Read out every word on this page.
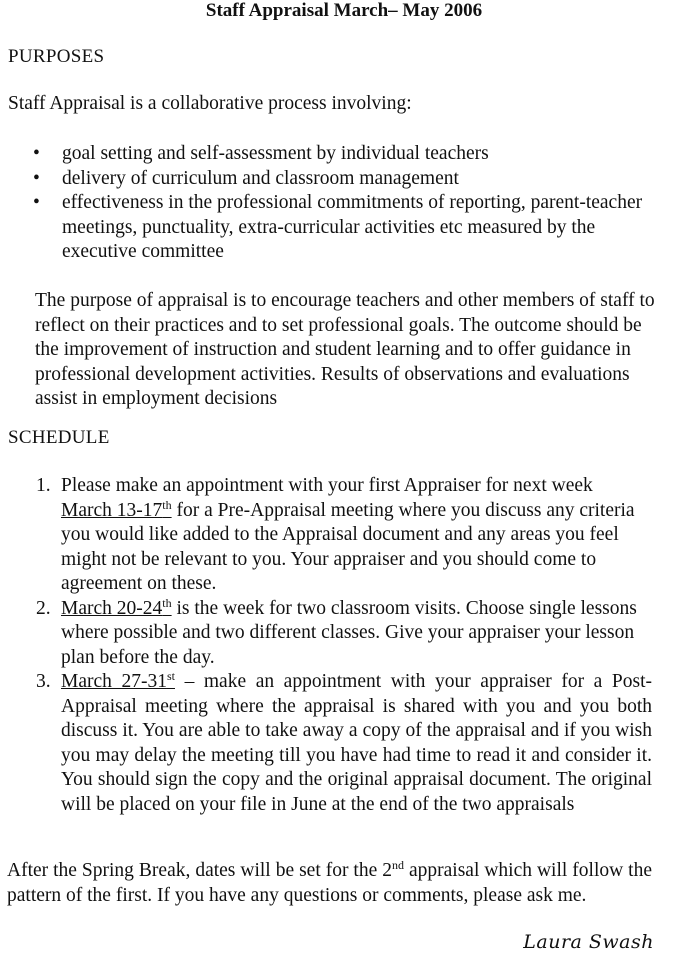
Staff Appraisal March– May 2006
PURPOSES
Staff Appraisal is a collaborative process involving:
• goal setting and self-assessment by individual teachers
• delivery of curriculum and classroom management
• effectiveness in the professional commitments of reporting, parent-teacher meetings, punctuality, extra-curricular activities etc measured by the executive committee
The purpose of appraisal is to encourage teachers and other members of staff to reflect on their practices and to set professional goals. The outcome should be the improvement of instruction and student learning and to offer guidance in professional development activities. Results of observations and evaluations assist in employment decisions
SCHEDULE
1. Please make an appointment with your first Appraiser for next week
March 13-17th for a Pre-Appraisal meeting where you discuss any criteria you would like added to the Appraisal document and any areas you feel might not be relevant to you. Your appraiser and you should come to agreement on these.
2. March 20-24th is the week for two classroom visits. Choose single lessons where possible and two different classes. Give your appraiser your lesson plan before the day.
3. March 27-31st – make an appointment with your appraiser for a Post-Appraisal meeting where the appraisal is shared with you and you both discuss it. You are able to take away a copy of the appraisal and if you wish you may delay the meeting till you have had time to read it and consider it. You should sign the copy and the original appraisal document. The original will be placed on your file in June at the end of the two appraisals
After the Spring Break, dates will be set for the 2nd appraisal which will follow the pattern of the first. If you have any questions or comments, please ask me.
Laura Swash
